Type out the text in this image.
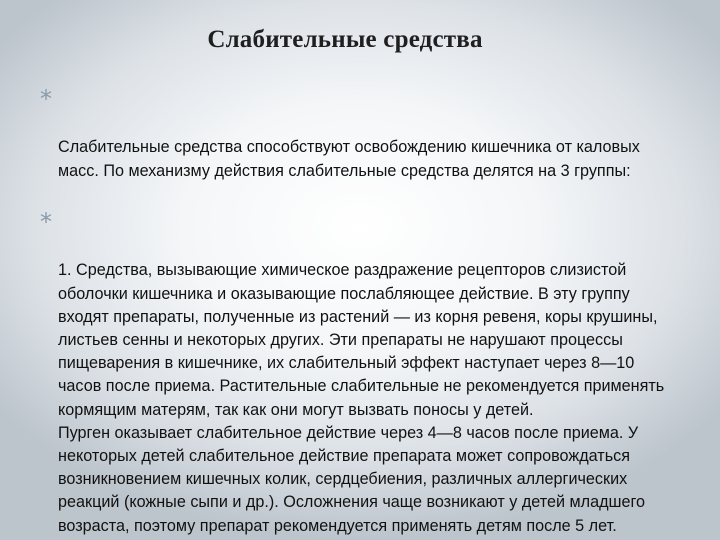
Слабительные средства

*

Слабительные средства способствуют освобождению кишечника от каловых масс. По механизму действия слабительные средства делятся на 3 группы:

*

1. Средства, вызывающие химическое раздражение рецепторов слизистой оболочки кишечника и оказывающие послабляющее действие. В эту группу входят препараты, полученные из растений — из корня ревеня, коры крушины, листьев сенны и некоторых других. Эти препараты не нарушают процессы пищеварения в кишечнике, их слабительный эффект наступает через 8—10 часов после приема. Растительные слабительные не рекомендуется применять кормящим матерям, так как они могут вызвать поносы у детей.
Пурген оказывает слабительное действие через 4—8 часов после приема. У некоторых детей слабительное действие препарата может сопровождаться возникновением кишечных колик, сердцебиения, различных аллергических реакций (кожные сыпи и др.). Осложнения чаще возникают у детей младшего возраста, поэтому препарат рекомендуется применять детям после 5 лет.
